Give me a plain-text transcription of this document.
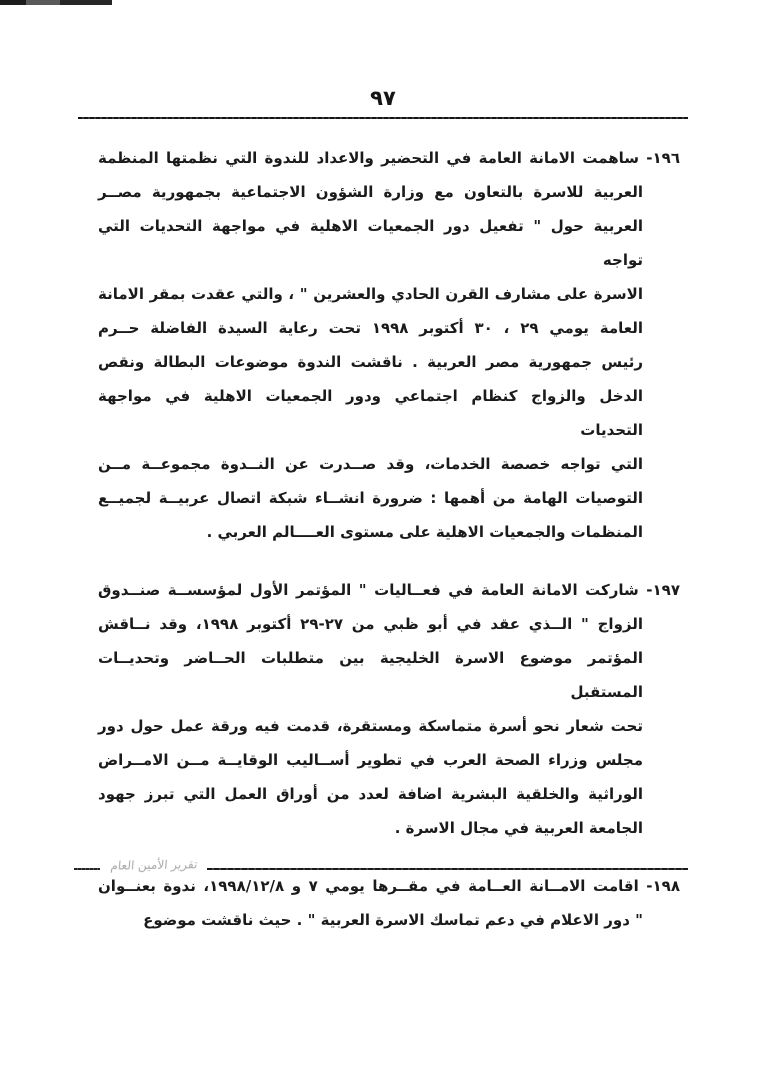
٩٧
١٩٦- ساهمت الامانة العامة في التحضير والاعداد للندوة التي نظمتها المنظمة
العربية للاسرة بالتعاون مع وزارة الشؤون الاجتماعية بجمهورية مصــر
العربية حول " تفعيل دور الجمعيات الاهلية في مواجهة التحديات التي تواجه
الاسرة على مشارف القرن الحادي والعشرين " ، والتي عقدت بمقر الامانة
العامة يومي ٢٩ ، ٣٠ أكتوبر ١٩٩٨ تحت رعاية السيدة الفاضلة حــرم
رئيس جمهورية مصر العربية . ناقشت الندوة موضوعات البطالة ونقص
الدخل والزواج كنظام اجتماعي ودور الجمعيات الاهلية في مواجهة التحديات
التي تواجه خصصة الخدمات، وقد صــدرت عن النــدوة مجموعــة مــن
التوصيات الهامة من أهمها : ضرورة انشــاء شبكة اتصال عربيــة لجميــع
المنظمات والجمعيات الاهلية على مستوى العــــالم العربي .
١٩٧- شاركت الامانة العامة في فعــاليات " المؤتمر الأول لمؤسســة صنــدوق
الزواج " الــذي عقد في أبو ظبي من ٢٧-٢٩ أكتوبر ١٩٩٨، وقد نــاقش
المؤتمر موضوع الاسرة الخليجية بين متطلبات الحــاضر وتحديــات المستقبل
تحت شعار نحو أسرة متماسكة ومستقرة، قدمت فيه ورقة عمل حول دور
مجلس وزراء الصحة العرب في تطوير أســاليب الوقايــة مــن الامــراض
الوراثية والخلقية البشرية اضافة لعدد من أوراق العمل التي تبرز جهود
الجامعة العربية في مجال الاسرة .
١٩٨- اقامت الامــانة العــامة في مقــرها يومي ٧ و ١٩٩٨/١٢/٨، ندوة بعنــوان
" دور الاعلام في دعم تماسك الاسرة العربية " . حيث ناقشت موضوع
تقرير الأمين العام
